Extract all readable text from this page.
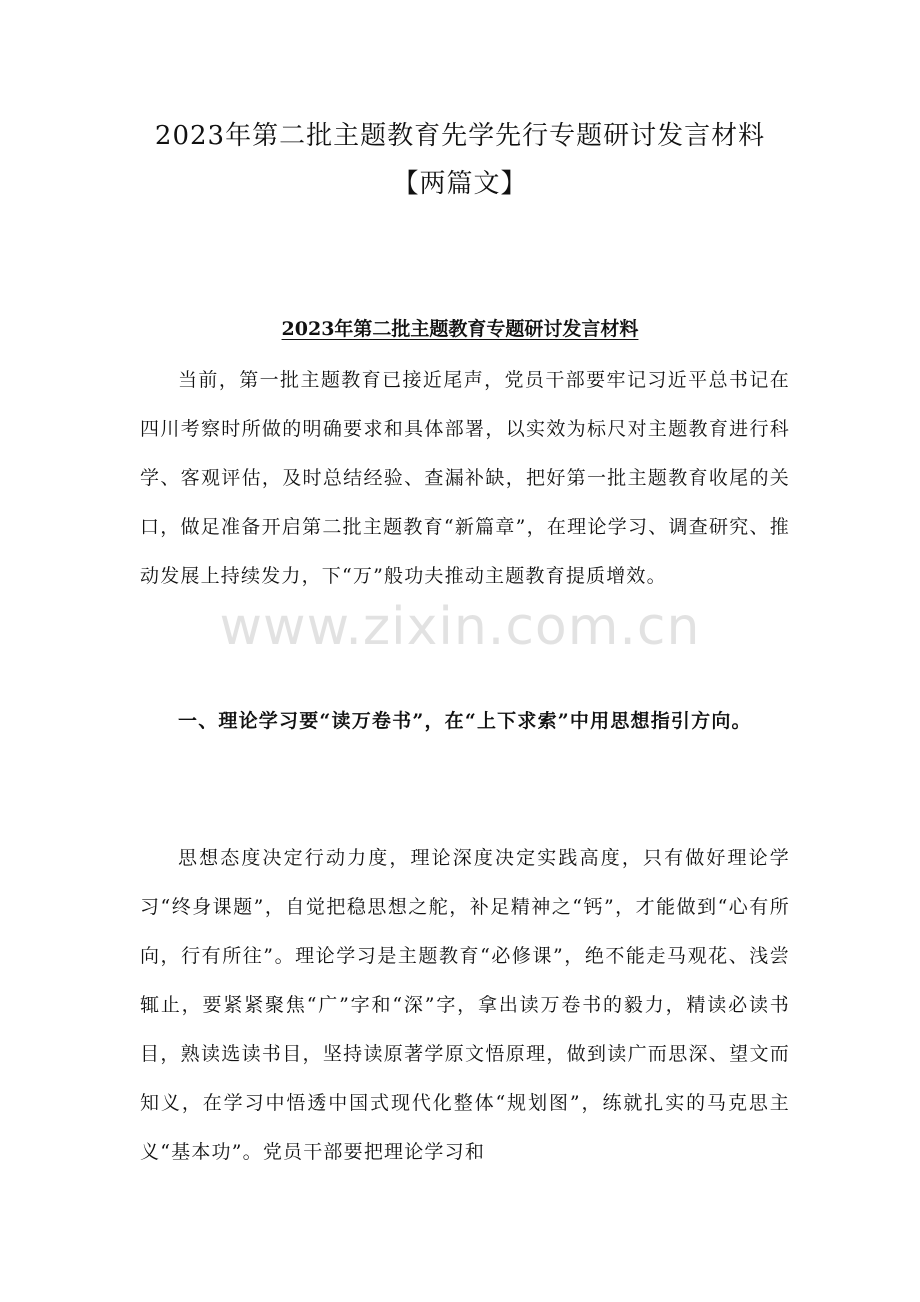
2023年第二批主题教育先学先行专题研讨发言材料
【两篇文】
2023年第二批主题教育专题研讨发言材料

当前，第一批主题教育已接近尾声，党员干部要牢记习近平总书记在四川考察时所做的明确要求和具体部署，以实效为标尺对主题教育进行科学、客观评估，及时总结经验、查漏补缺，把好第一批主题教育收尾的关口，做足准备开启第二批主题教育“新篇章”，在理论学习、调查研究、推动发展上持续发力，下“万”般功夫推动主题教育提质增效。

一、理论学习要“读万卷书”，在“上下求索”中用思想指引方向。

思想态度决定行动力度，理论深度决定实践高度，只有做好理论学习“终身课题”，自觉把稳思想之舵，补足精神之“钙”，才能做到“心有所向，行有所往”。理论学习是主题教育“必修课”，绝不能走马观花、浅尝辄止，要紧紧聚焦“广”字和“深”字，拿出读万卷书的毅力，精读必读书目，熟读选读书目，坚持读原著学原文悟原理，做到读广而思深、望文而知义，在学习中悟透中国式现代化整体“规划图”，练就扎实的马克思主义“基本功”。党员干部要把理论学习和

www.zixin.com.cn
